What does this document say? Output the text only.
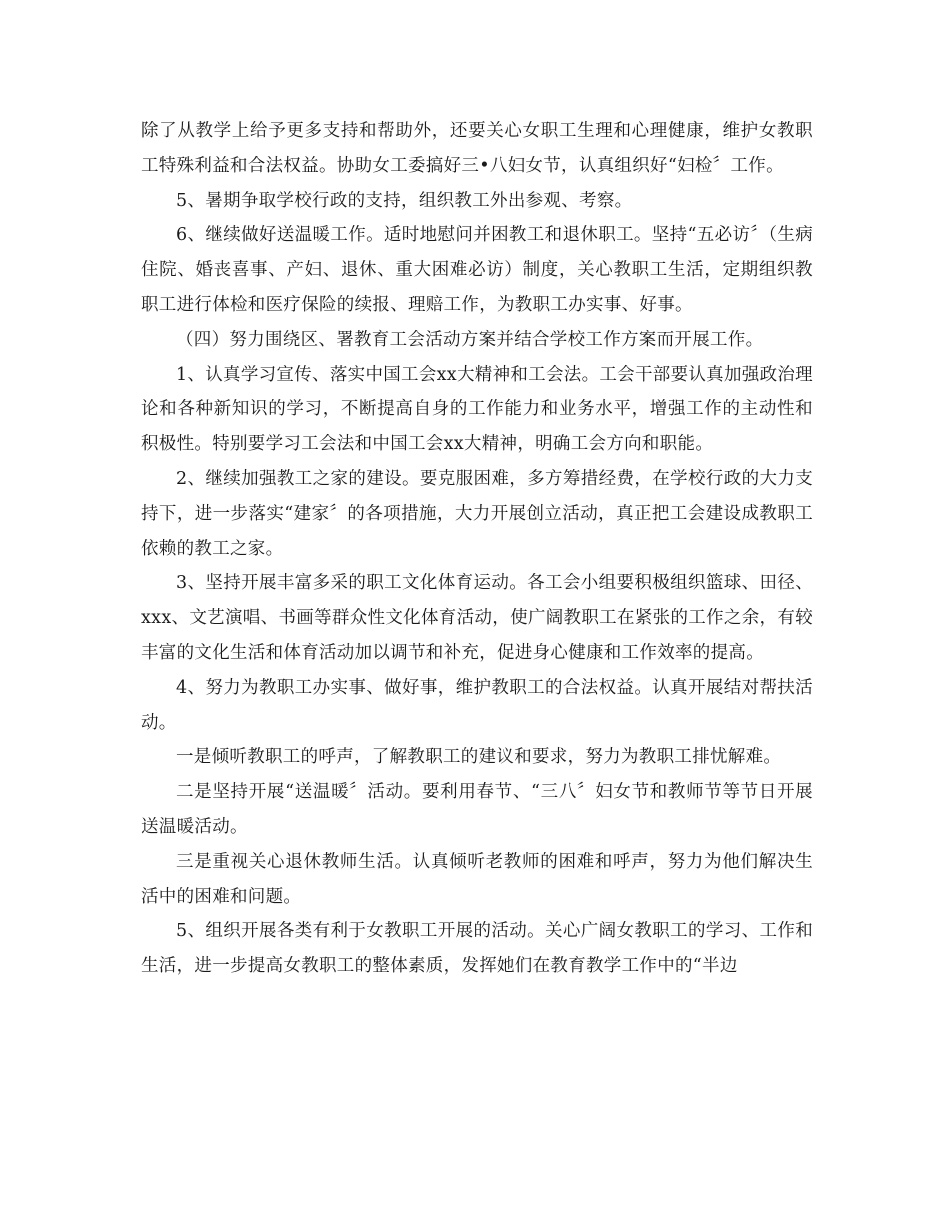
除了从教学上给予更多支持和帮助外，还要关心女职工生理和心理健康，维护女教职工特殊利益和合法权益。协助女工委搞好三•八妇女节，认真组织好“妇检〞工作。

5、暑期争取学校行政的支持，组织教工外出参观、考察。

6、继续做好送温暖工作。适时地慰问并困教工和退休职工。坚持“五必访〞（生病住院、婚丧喜事、产妇、退休、重大困难必访）制度，关心教职工生活，定期组织教职工进行体检和医疗保险的续报、理赔工作，为教职工办实事、好事。

（四）努力围绕区、署教育工会活动方案并结合学校工作方案而开展工作。

1、认真学习宣传、落实中国工会xx大精神和工会法。工会干部要认真加强政治理论和各种新知识的学习，不断提高自身的工作能力和业务水平，增强工作的主动性和积极性。特别要学习工会法和中国工会xx大精神，明确工会方向和职能。

2、继续加强教工之家的建设。要克服困难，多方筹措经费，在学校行政的大力支持下，进一步落实“建家〞的各项措施，大力开展创立活动，真正把工会建设成教职工依赖的教工之家。

3、坚持开展丰富多采的职工文化体育运动。各工会小组要积极组织篮球、田径、xxx、文艺演唱、书画等群众性文化体育活动，使广阔教职工在紧张的工作之余，有较丰富的文化生活和体育活动加以调节和补充，促进身心健康和工作效率的提高。

4、努力为教职工办实事、做好事，维护教职工的合法权益。认真开展结对帮扶活动。

一是倾听教职工的呼声，了解教职工的建议和要求，努力为教职工排忧解难。

二是坚持开展“送温暖〞活动。要利用春节、“三八〞妇女节和教师节等节日开展送温暖活动。

三是重视关心退休教师生活。认真倾听老教师的困难和呼声，努力为他们解决生活中的困难和问题。

5、组织开展各类有利于女教职工开展的活动。关心广阔女教职工的学习、工作和生活，进一步提高女教职工的整体素质，发挥她们在教育教学工作中的“半边
